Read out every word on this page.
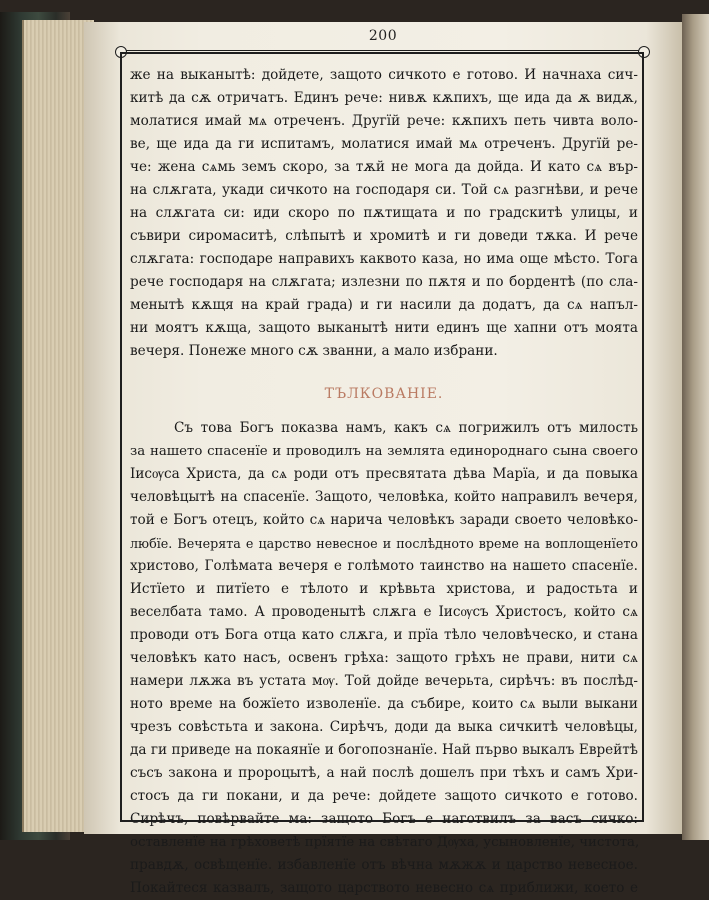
200
же на выканытѣ: дойдете, защото сичкото е готово. И начнаха сич-
китѣ да сѫ отричатъ. Единъ рече: нивѫ кѫпихъ, ще ида да ѫ видѫ,
молатися имай мѧ отреченъ. Другїй рече: кѫпихъ петь чивта воло-
ве, ще ида да ги испитамъ, молатися имай мѧ отреченъ. Другїй ре-
че: жена сѧмь земъ скоро, за тѫй не мога да дойда. И като сѧ вър-
на слѫгата, укади сичкото на господаря си. Той сѧ разгнѣви, и рече
на слѫгата си: иди скоро по пѫтищата и по градскитѣ улицы, и
съвири сиромаситѣ, слѣпытѣ и хромитѣ и ги доведи тѫка. И рече
слѫгата: господаре направихъ каквото каза, но има още мѣсто. Тога
рече господаря на слѫгата; излезни по пѫтя и по бордентѣ (по сла-
менытѣ кѫщя на край града) и ги насили да додатъ, да сѧ напъл-
ни моятъ кѫща, защото выканытѣ нити единъ ще хапни отъ моята
вечеря. Понеже много сѫ званни, а мало избрани.
ТЪЛКОВАНІЕ.
Съ това Богъ показва намъ, какъ сѧ погрижилъ отъ милость
за нашето спасенїе и проводилъ на землята единороднаго сына своего
Іисѹса Христа, да сѧ роди отъ пресвятата дѣва Марїа, и да повыка
человѣцытѣ на спасенїе. Защото, человѣка, който направилъ вечеря,
той е Богъ отецъ, който сѧ нарича человѣкъ заради своето человѣко-
любїе. Вечерята е царство невесное и послѣдното време на воплощенїето
христово, Голѣмата вечеря е голѣмото таинство на нашето спасенїе.
Истїето и питїето е тѣлото и крѣвьта христова, и радостьта и
веселбата тамо. А проводенытѣ слѫга е Іисѹсъ Христосъ, който сѧ
проводи отъ Бога отца като слѫга, и прїа тѣло человѣческо, и стана
человѣкъ като насъ, освенъ грѣха: защото грѣхъ не прави, нити сѧ
намери лѫжа въ устата мѹ. Той дойде вечерьта, сирѣчъ: въ послѣд-
ното време на божїето изволенїе. да събире, които сѧ выли выкани
чрезъ совѣстьта и закона. Сирѣчъ, доди да выка сичкитѣ человѣцы,
да ги приведе на покаянїе и богопознанїе. Най първо выкалъ Еврейтѣ
съсъ закона и пророцытѣ, а най послѣ дошелъ при тѣхъ и самъ Хри-
стосъ да ги покани, и да рече: дойдете защото сичкото е готово.
Сирѣчъ, повѣрвайте ма: защото Богъ е наготвилъ за васъ сичко:
оставленїе на грѣховетѣ прїятїе на свѣтаго Дѹха, усыновленїе, чистота,
правдѫ, освѣщенїе. избавленїе отъ вѣчна мѫжѫ и царство невесное.
Покайтеся казвалъ, защото царството невесно сѧ приближи, което е
